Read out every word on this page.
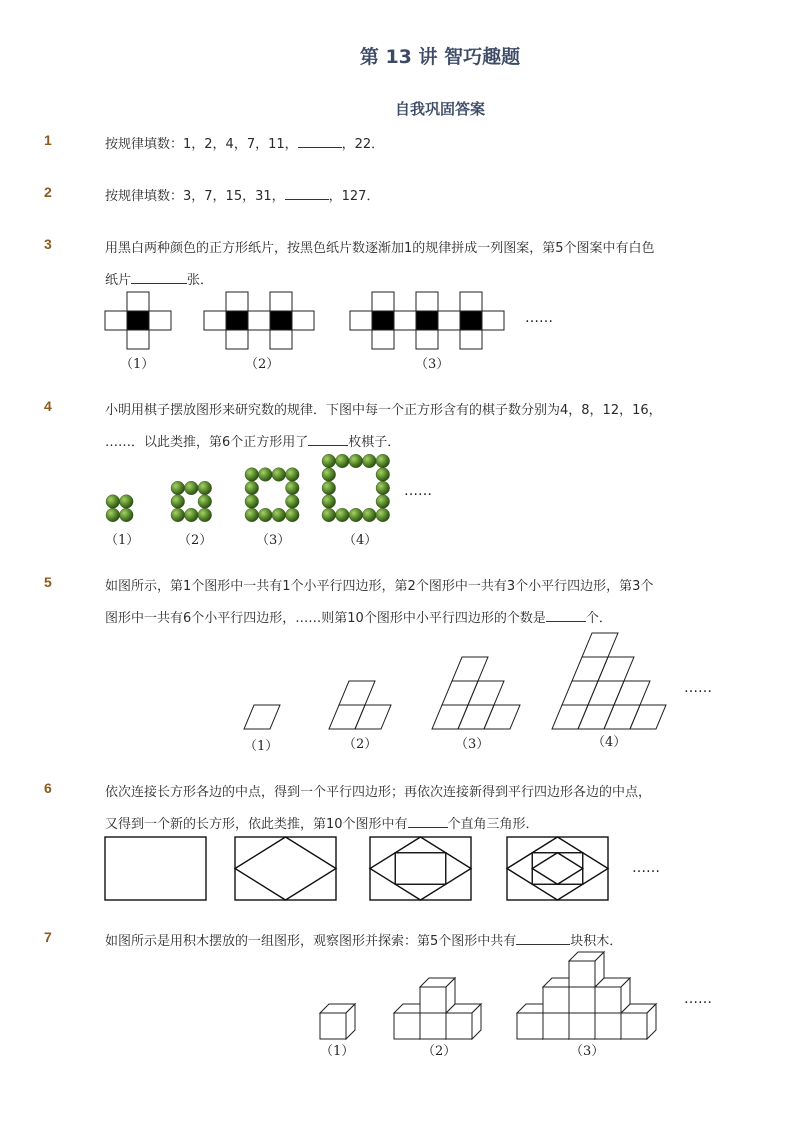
第 13 讲 智巧趣题
自我巩固答案
1	按规律填数：1，2，4，7，11，	，22．
2	按规律填数：3，7，15，31，	，127．
3	用黑白两种颜色的正方形纸片，按黑色纸片数逐渐加1的规律拼成一列图案，第5个图案中有白色
纸片	张．
（1）	（2）	（3）
……
4	小明用棋子摆放图形来研究数的规律．下图中每一个正方形含有的棋子数分别为4，8，12，16，
……．以此类推，第6个正方形用了	枚棋子．
（1）	（2）	（3）	（4）
……
5	如图所示，第1个图形中一共有1个小平行四边形，第2个图形中一共有3个小平行四边形，第3个
图形中一共有6个小平行四边形，……则第10个图形中小平行四边形的个数是	个．
（1）	（2）	（3）	（4）
……
6	依次连接长方形各边的中点，得到一个平行四边形；再依次连接新得到平行四边形各边的中点，
又得到一个新的长方形，依此类推，第10个图形中有	个直角三角形．
……
7	如图所示是用积木摆放的一组图形，观察图形并探索：第5个图形中共有	块积木．
（1）	（2）	（3）
……
